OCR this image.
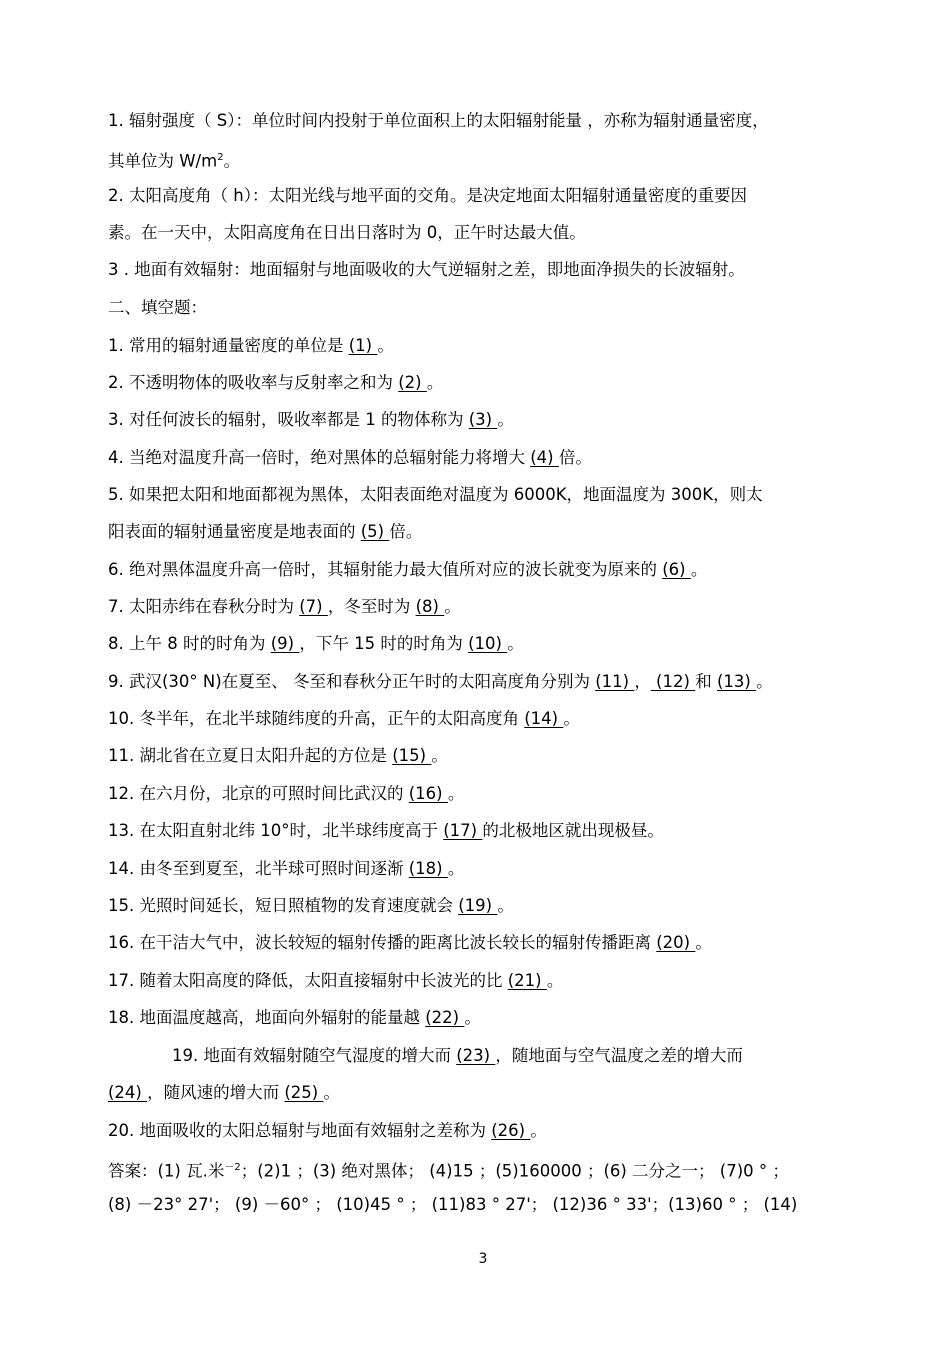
1. 辐射强度（ S）：单位时间内投射于单位面积上的太阳辐射能量 ，亦称为辐射通量密度，
其单位为 $W/m^2$。
2. 太阳高度角（ h）：太阳光线与地平面的交角。是决定地面太阳辐射通量密度的重要因
素。在一天中，太阳高度角在日出日落时为 0，正午时达最大值。
3 . 地面有效辐射：地面辐射与地面吸收的大气逆辐射之差，即地面净损失的长波辐射。
二、填空题：
1. 常用的辐射通量密度的单位是 (1) 。
2. 不透明物体的吸收率与反射率之和为 (2) 。
3. 对任何波长的辐射，吸收率都是 1 的物体称为 (3) 。
4. 当绝对温度升高一倍时，绝对黑体的总辐射能力将增大 (4) 倍。
5. 如果把太阳和地面都视为黑体，太阳表面绝对温度为 6000K，地面温度为 300K，则太
阳表面的辐射通量密度是地表面的 (5) 倍。
6. 绝对黑体温度升高一倍时，其辐射能力最大值所对应的波长就变为原来的 (6) 。
7. 太阳赤纬在春秋分时为 (7) ，冬至时为 (8) 。
8. 上午 8 时的时角为 (9) ，下午 15 时的时角为 (10) 。
9. 武汉(30° N)在夏至、 冬至和春秋分正午时的太阳高度角分别为 (11) ， (12) 和 (13) 。
10. 冬半年，在北半球随纬度的升高，正午的太阳高度角 (14) 。
11. 湖北省在立夏日太阳升起的方位是 (15) 。
12. 在六月份，北京的可照时间比武汉的 (16) 。
13. 在太阳直射北纬 10°时，北半球纬度高于 (17) 的北极地区就出现极昼。
14. 由冬至到夏至，北半球可照时间逐渐 (18) 。
15. 光照时间延长，短日照植物的发育速度就会 (19) 。
16. 在干洁大气中，波长较短的辐射传播的距离比波长较长的辐射传播距离 (20) 。
17. 随着太阳高度的降低，太阳直接辐射中长波光的比 (21) 。
18. 地面温度越高，地面向外辐射的能量越 (22) 。
19. 地面有效辐射随空气湿度的增大而 (23) ，随地面与空气温度之差的增大而
(24) ，随风速的增大而 (25) 。
20. 地面吸收的太阳总辐射与地面有效辐射之差称为 (26) 。
答案：(1) 瓦.米$^{-2}$；(2)1 ；(3) 绝对黑体； (4)15 ；(5)160000 ；(6) 二分之一； (7)0 ° ；
(8) －23° 27'； (9) －60° ； (10)45 ° ； (11)83 ° 27'； (12)36 ° 33'；(13)60 ° ； (14)
3
